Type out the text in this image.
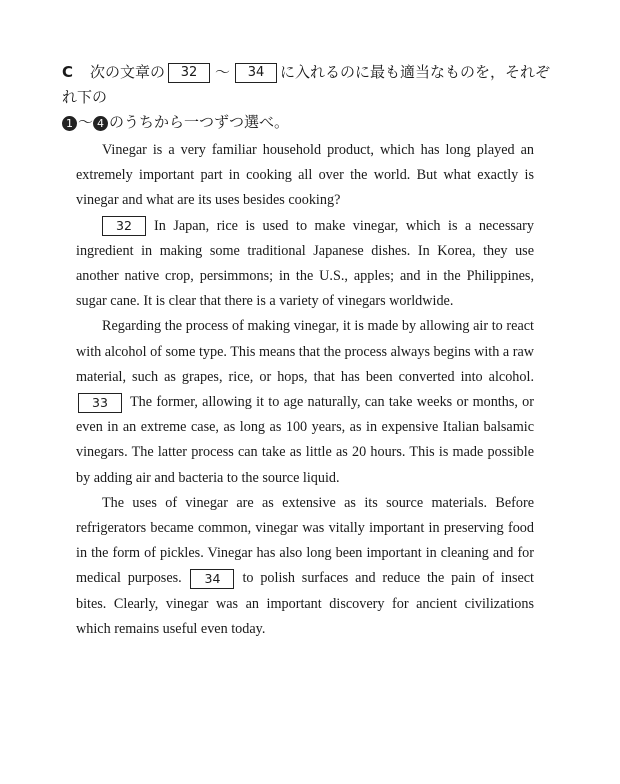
C 次の文章の 32 ～ 34 に入れるのに最も適当なものを，それぞれ下の
1 ～ 4 のうちから一つずつ選べ。

Vinegar is a very familiar household product, which has long played an extremely important part in cooking all over the world. But what exactly is vinegar and what are its uses besides cooking?

32 In Japan, rice is used to make vinegar, which is a necessary ingredient in making some traditional Japanese dishes. In Korea, they use another native crop, persimmons; in the U.S., apples; and in the Philippines, sugar cane. It is clear that there is a variety of vinegars worldwide.

Regarding the process of making vinegar, it is made by allowing air to react with alcohol of some type. This means that the process always begins with a raw material, such as grapes, rice, or hops, that has been converted into alcohol. 33 The former, allowing it to age naturally, can take weeks or months, or even in an extreme case, as long as 100 years, as in expensive Italian balsamic vinegars. The latter process can take as little as 20 hours. This is made possible by adding air and bacteria to the source liquid.

The uses of vinegar are as extensive as its source materials. Before refrigerators became common, vinegar was vitally important in preserving food in the form of pickles. Vinegar has also long been important in cleaning and for medical purposes. 34 to polish surfaces and reduce the pain of insect bites. Clearly, vinegar was an important discovery for ancient civilizations which remains useful even today.
